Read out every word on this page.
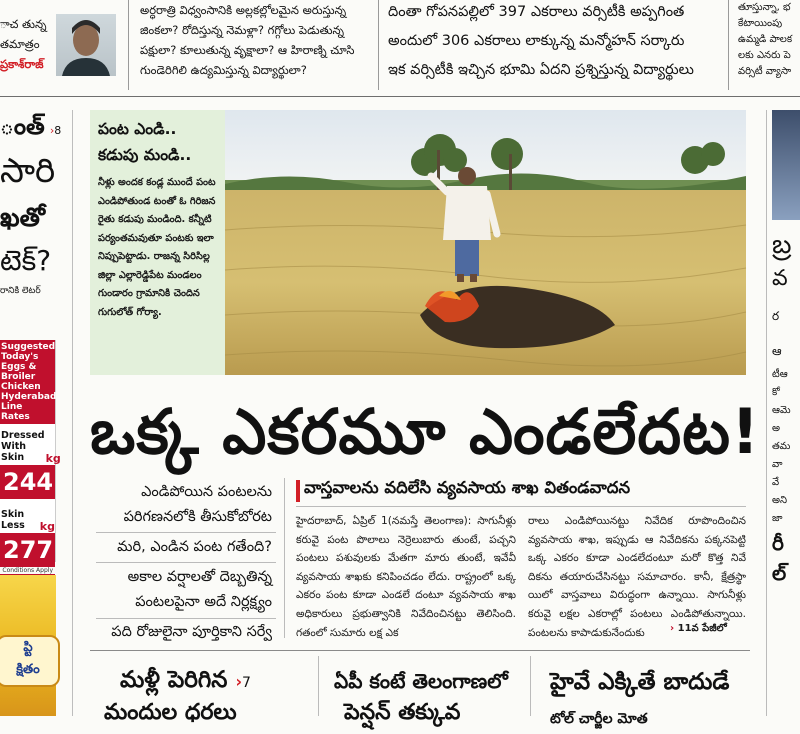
ాచ తున్న
తమాత్రం
ప్రకాశ్‌రాజ్
అర్ధరాత్రి విధ్వంసానికి అల్లకల్లోలమైన అరుస్తున్న
జింకలా? రోదిస్తున్న నెమళ్లా? గగ్గోలు పెడుతున్న
పక్షులా? కూలుతున్న వృక్షాలా? ఆ హిరాణ్ని చూసి
గుండెరిగిలి ఉద్యమిస్తున్న విద్యార్థులా?
దింతా గోపనపల్లిలో 397 ఎకరాలు వర్సిటీకి అప్పగింత
అందులో 306 ఎకరాలు లాక్కున్న మన్మోహన్ సర్కారు
ఇక వర్సిటీకి ఇచ్చిన భూమి ఏదని ప్రశ్నిస్తున్న విద్యార్థులు
తూస్తున్నా, భ
కేటాయింపు
ఉమ్మడి పాలక
లకు ఎనరు పె
వర్సిటీ వ్యాసా
ంత్ ›8
సారి
ఖతో
టెక్?
రానికి లెటర్
Suggested
Today's Eggs &
Broiler Chicken
Hyderabad
Line Rates
Dressed
With Skin	kg
244
Skin Less	kg
277
Conditions Apply
ప్టి
క్షితం
పంట ఎండి..
కడుపు మండి..
నీళ్లు అందక కండ్ల ముందే పంట ఎండిపోతుండ టంతో ఓ గిరిజన రైతు కడుపు మండింది. కన్నీటి పర్యంతమవుతూ పంటకు ఇలా నిప్పుపెట్టాడు. రాజన్న సిరిసిల్ల జిల్లా ఎల్లారెడ్డిపేట మండలం గుండారం గ్రామానికి చెందిన గుగులోత్ గోర్యా.
ఒక్క ఎకరమూ ఎండలేదట!
ఎండిపోయిన పంటలను
పరిగణనలోకి తీసుకోబోరట
మరి, ఎండిన పంట గతేంది?
అకాల వర్షాలతో దెబ్బతిన్న
పంటలపైనా అదే నిర్లక్ష్యం
పది రోజులైనా పూర్తికాని సర్వే
వాస్తవాలను వదిలేసి వ్యవసాయ శాఖ వితండవాదన
హైదరాబాద్, ఏప్రిల్ 1(నమస్తే తెలంగాణ): సాగునీళ్లు కరువై పంట పొలాలు నెర్రెలుబారు తుంటే, పచ్చని పంటలు పశువులకు మేతగా మారు తుంటే, ఇవేవీ వ్యవసాయ శాఖకు కనిపించడం లేదు. రాష్ట్రంలో ఒక్క ఎకరం పంట కూడా ఎండలే దంటూ వ్యవసాయ శాఖ అధికారులు ప్రభుత్వానికి నివేదించినట్టు తెలిసింది. గతంలో సుమారు లక్ష ఎక
రాలు ఎండిపోయినట్టు నివేదిక రూపొందించిన వ్యవసాయ శాఖ, ఇప్పుడు ఆ నివేదికను పక్కనపెట్టి ఒక్క ఎకరం కూడా ఎండలేదంటూ మరో కొత్త నివే దికను తయారుచేసినట్టు సమాచారం. కానీ, క్షేత్రస్థా యిలో వాస్తవాలు విరుద్ధంగా ఉన్నాయి. సాగునీళ్లు కరువై లక్షల ఎకరాల్లో పంటలు ఎండిపోతున్నాయి. పంటలను కాపాడుకునేందుకు	› 11వ పేజీలో
మళ్లీ పెరిగిన ›7
మందుల ధరలు
ఏపీ కంటే తెలంగాణలో
పెన్షన్ తక్కువ
హైవే ఎక్కితే బాదుడే
టోల్ చార్జీల మోత
బ్ర
వ
ర
ఆ
టీఆ
కో
ఆమె
అ
తమ
వా
వే
అని
జా
రీ
ల్
